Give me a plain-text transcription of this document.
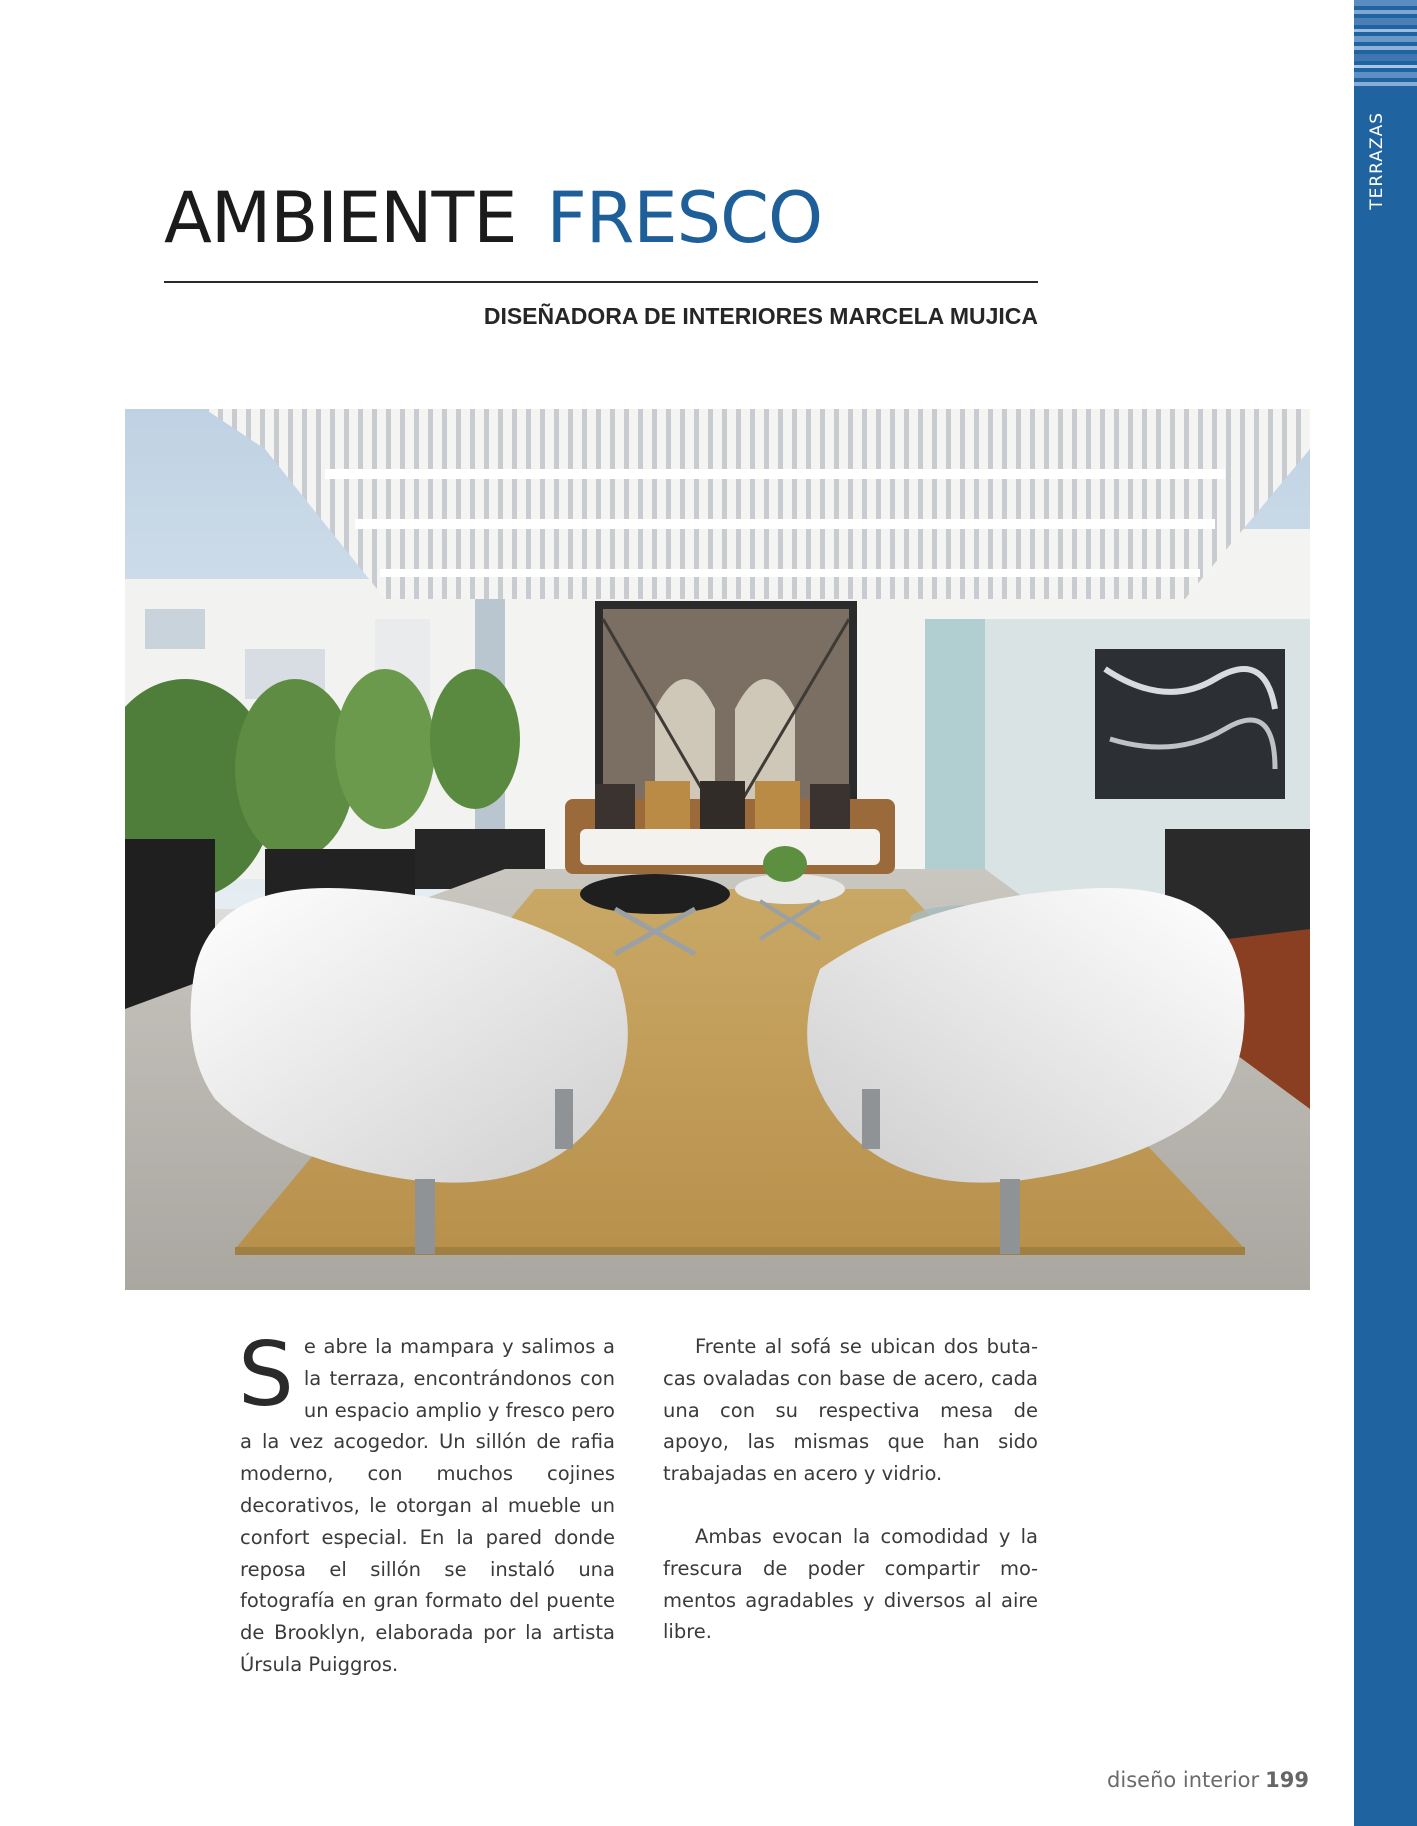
TERRAZAS
AMBIENTE FRESCO

DISEÑADORA DE INTERIORES MARCELA MUJICA

Se abre la mampara y salimos a la terraza, encontrándonos con un espacio amplio y fresco pero a la vez acogedor. Un sillón de rafia moderno, con muchos cojines decorativos, le otorgan al mueble un confort especial. En la pared donde reposa el sillón se instaló una fotografía en gran formato del puente de Brooklyn, elaborada por la artista Úrsula Puiggros.

Frente al sofá se ubican dos butacas ovaladas con base de acero, cada una con su respectiva mesa de apoyo, las mismas que han sido trabajadas en acero y vidrio.

Ambas evocan la comodidad y la frescura de poder compartir momentos agradables y diversos al aire libre.

diseño interior 199
